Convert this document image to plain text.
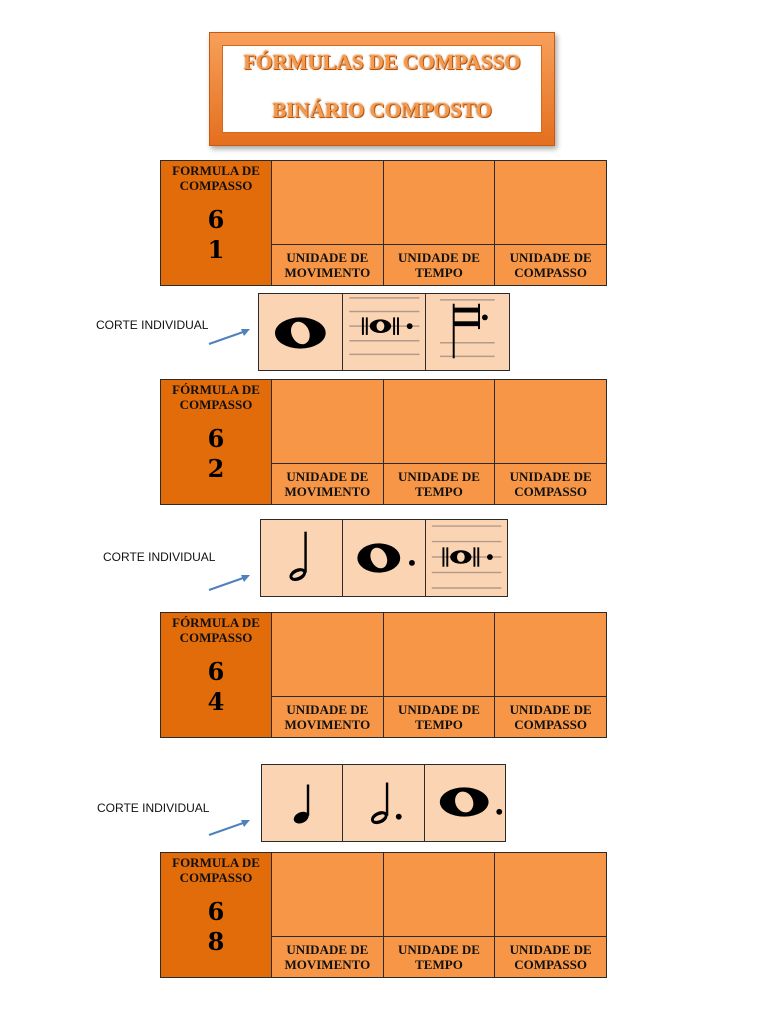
FÓRMULAS DE COMPASSO
BINÁRIO COMPOSTO
FORMULA DE COMPASSO
6
1			

	UNIDADE DE MOVIMENTO	UNIDADE DE TEMPO	UNIDADE DE COMPASSO
CORTE INDIVIDUAL
FÓRMULA DE COMPASSO
6
2			

	UNIDADE DE MOVIMENTO	UNIDADE DE TEMPO	UNIDADE DE COMPASSO
CORTE INDIVIDUAL
FÓRMULA DE COMPASSO
6
4			

	UNIDADE DE MOVIMENTO	UNIDADE DE TEMPO	UNIDADE DE COMPASSO
CORTE INDIVIDUAL
FORMULA DE COMPASSO
6
8			

	UNIDADE DE MOVIMENTO	UNIDADE DE TEMPO	UNIDADE DE COMPASSO
